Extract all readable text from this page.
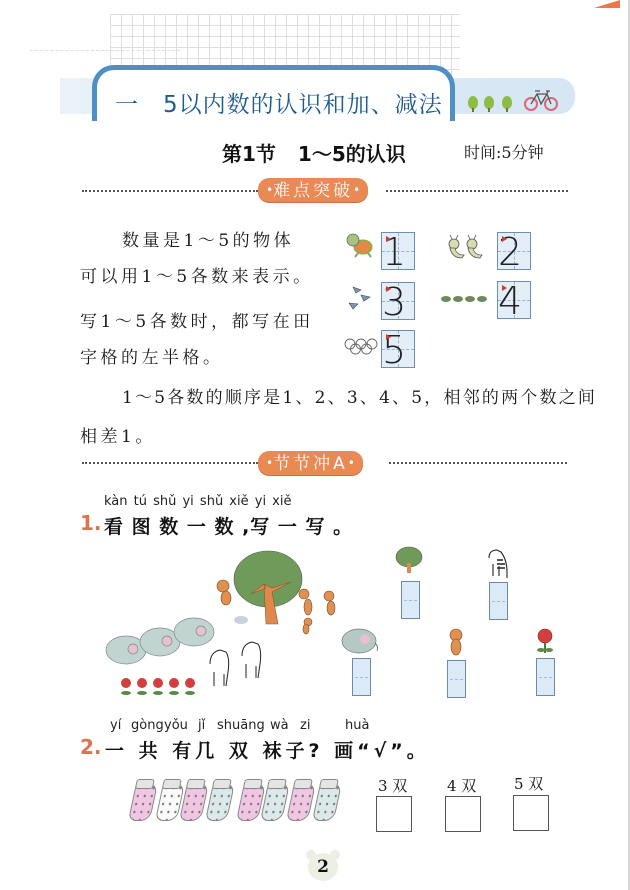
一 5以内数的认识和加、减法
第1节 1～5的认识	时间:5分钟
•难点突破•
数量是1～5的物体
可以用1～5各数来表示。
写1～5各数时，都写在田
字格的左半格。
1 2
3 4
5
1～5各数的顺序是1、2、3、4、5，相邻的两个数之间
相差1。
•节节冲A•
kàn tú shǔ yi shǔ xiě yi xiě
1. 看 图 数 一 数 ,写 一 写 。
yí gòng yǒu jǐ shuāng wà zi	huà
2. 一 共 有几 双 袜子? 画“√”。
3 双	4 双	5 双
2
